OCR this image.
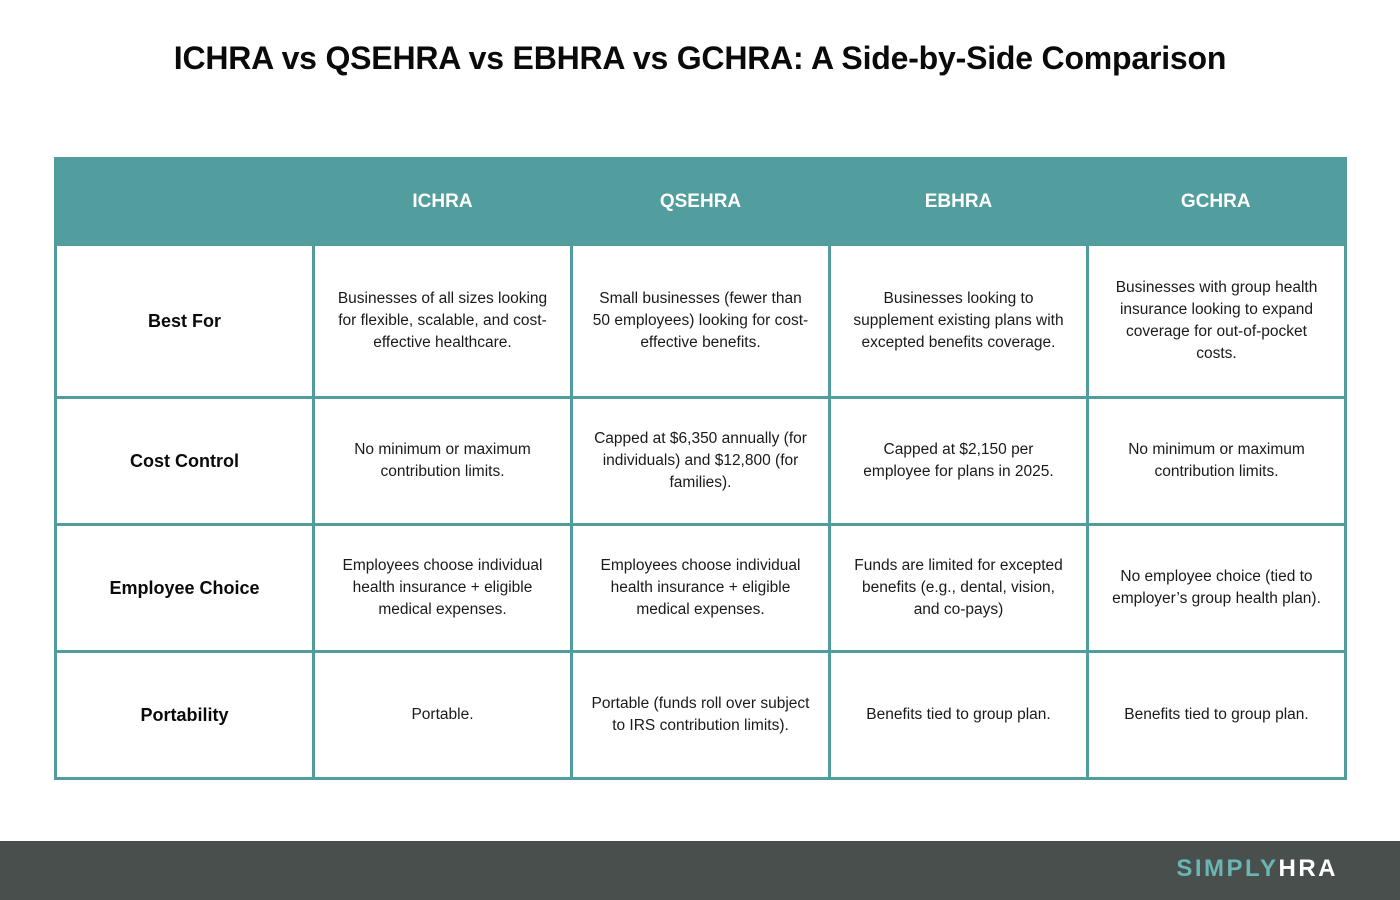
ICHRA vs QSEHRA vs EBHRA vs GCHRA: A Side-by-Side Comparison
	ICHRA	QSEHRA	EBHRA	GCHRA
Best For	Businesses of all sizes looking for flexible, scalable, and cost-effective healthcare.	Small businesses (fewer than 50 employees) looking for cost-effective benefits.	Businesses looking to supplement existing plans with excepted benefits coverage.	Businesses with group health insurance looking to expand coverage for out-of-pocket costs.
Cost Control	No minimum or maximum contribution limits.	Capped at $6,350 annually (for individuals) and $12,800 (for families).	Capped at $2,150 per employee for plans in 2025.	No minimum or maximum contribution limits.
Employee Choice	Employees choose individual health insurance + eligible medical expenses.	Employees choose individual health insurance + eligible medical expenses.	Funds are limited for excepted benefits (e.g., dental, vision, and co-pays)	No employee choice (tied to employer’s group health plan).
Portability	Portable.	Portable (funds roll over subject to IRS contribution limits).	Benefits tied to group plan.	Benefits tied to group plan.
SIMPLYHRA
